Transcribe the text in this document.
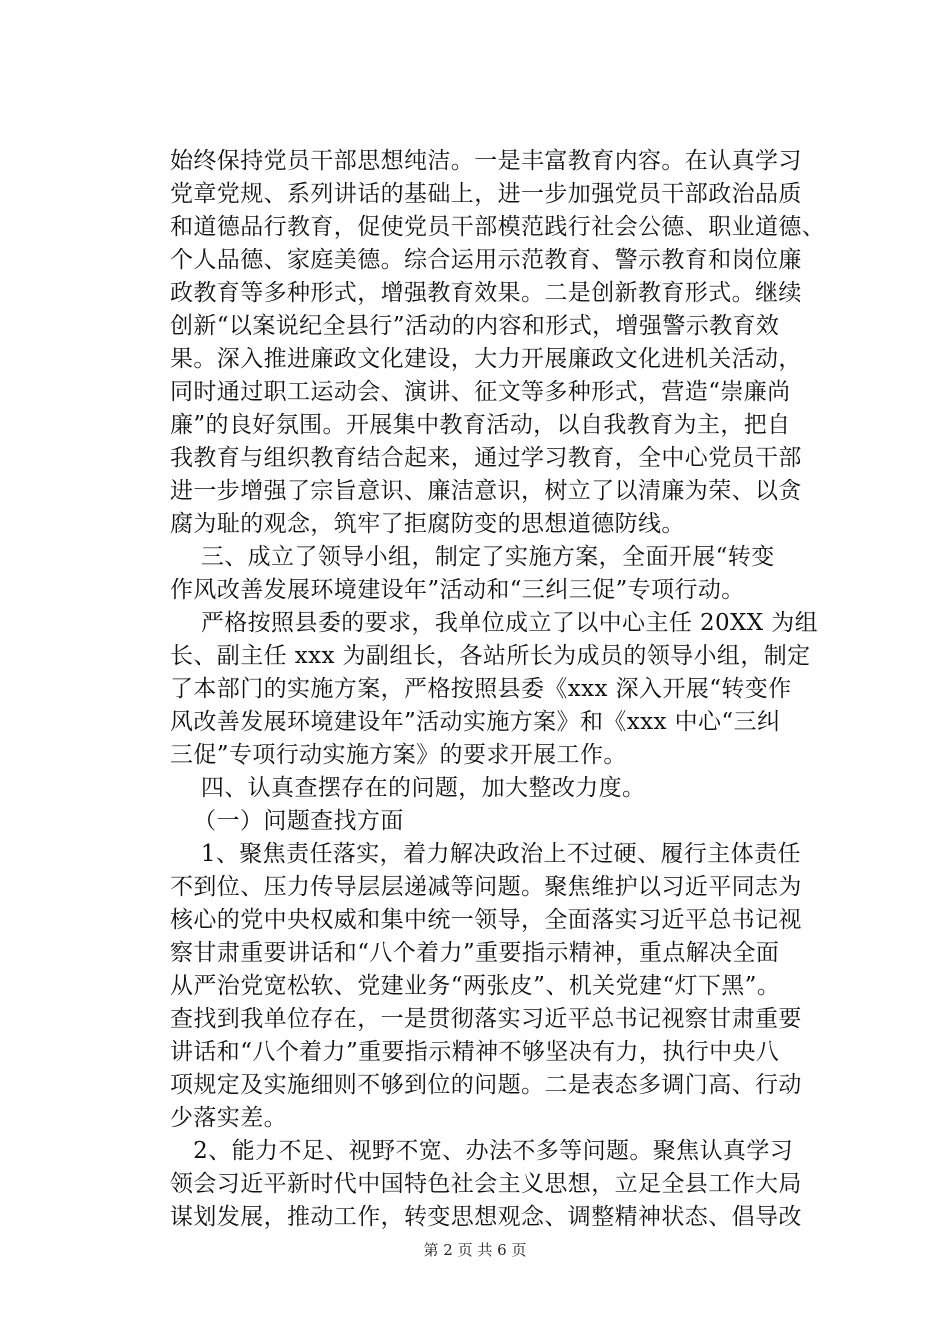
始终保持党员干部思想纯洁。一是丰富教育内容。在认真学习
党章党规、系列讲话的基础上，进一步加强党员干部政治品质
和道德品行教育，促使党员干部模范践行社会公德、职业道德、
个人品德、家庭美德。综合运用示范教育、警示教育和岗位廉
政教育等多种形式，增强教育效果。二是创新教育形式。继续
创新“以案说纪全县行”活动的内容和形式，增强警示教育效
果。深入推进廉政文化建设，大力开展廉政文化进机关活动，
同时通过职工运动会、演讲、征文等多种形式，营造“崇廉尚
廉”的良好氛围。开展集中教育活动，以自我教育为主，把自
我教育与组织教育结合起来，通过学习教育，全中心党员干部
进一步增强了宗旨意识、廉洁意识，树立了以清廉为荣、以贪
腐为耻的观念，筑牢了拒腐防变的思想道德防线。
三、成立了领导小组，制定了实施方案，全面开展“转变
作风改善发展环境建设年”活动和“三纠三促”专项行动。
严格按照县委的要求，我单位成立了以中心主任 20XX 为组
长、副主任 xxx 为副组长，各站所长为成员的领导小组，制定
了本部门的实施方案，严格按照县委《xxx 深入开展“转变作
风改善发展环境建设年”活动实施方案》和《xxx 中心“三纠
三促”专项行动实施方案》的要求开展工作。
四、认真查摆存在的问题，加大整改力度。
（一）问题查找方面
1、聚焦责任落实，着力解决政治上不过硬、履行主体责任
不到位、压力传导层层递减等问题。聚焦维护以习近平同志为
核心的党中央权威和集中统一领导，全面落实习近平总书记视
察甘肃重要讲话和“八个着力”重要指示精神，重点解决全面
从严治党宽松软、党建业务“两张皮”、机关党建“灯下黑”。
查找到我单位存在，一是贯彻落实习近平总书记视察甘肃重要
讲话和“八个着力”重要指示精神不够坚决有力，执行中央八
项规定及实施细则不够到位的问题。二是表态多调门高、行动
少落实差。
2、能力不足、视野不宽、办法不多等问题。聚焦认真学习
领会习近平新时代中国特色社会主义思想，立足全县工作大局
谋划发展，推动工作，转变思想观念、调整精神状态、倡导改
第 2 页 共 6 页
